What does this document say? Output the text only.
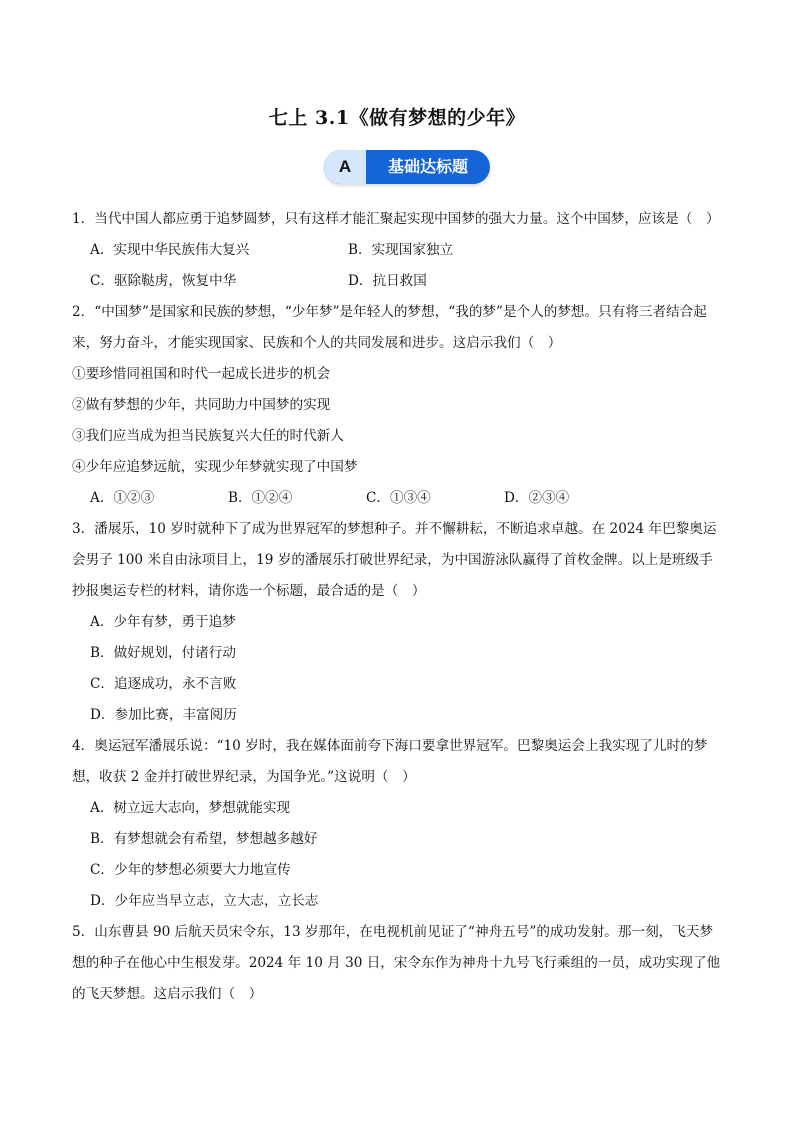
七上 3.1《做有梦想的少年》
A	基础达标题

1．当代中国人都应勇于追梦圆梦，只有这样才能汇聚起实现中国梦的强大力量。这个中国梦，应该是（　）

A．实现中华民族伟大复兴	B．实现国家独立
C．驱除鞑虏，恢复中华	D．抗日救国

2．“中国梦”是国家和民族的梦想，“少年梦”是年轻人的梦想，“我的梦”是个人的梦想。只有将三者结合起

来，努力奋斗，才能实现国家、民族和个人的共同发展和进步。这启示我们（　）

①要珍惜同祖国和时代一起成长进步的机会

②做有梦想的少年，共同助力中国梦的实现

③我们应当成为担当民族复兴大任的时代新人

④少年应追梦远航，实现少年梦就实现了中国梦

A．①②③	B．①②④	C．①③④	D．②③④

3．潘展乐，10 岁时就种下了成为世界冠军的梦想种子。并不懈耕耘，不断追求卓越。在 2024 年巴黎奥运

会男子 100 米自由泳项目上，19 岁的潘展乐打破世界纪录，为中国游泳队赢得了首枚金牌。以上是班级手

抄报奥运专栏的材料，请你选一个标题，最合适的是（　）

A．少年有梦，勇于追梦
B．做好规划，付诸行动
C．追逐成功，永不言败
D．参加比赛，丰富阅历

4．奥运冠军潘展乐说：“10 岁时，我在媒体面前夸下海口要拿世界冠军。巴黎奥运会上我实现了儿时的梦

想，收获 2 金并打破世界纪录，为国争光。”这说明（　）

A．树立远大志向，梦想就能实现
B．有梦想就会有希望，梦想越多越好
C．少年的梦想必须要大力地宣传
D．少年应当早立志，立大志，立长志

5．山东曹县 90 后航天员宋令东，13 岁那年，在电视机前见证了“神舟五号”的成功发射。那一刻，飞天梦

想的种子在他心中生根发芽。2024 年 10 月 30 日，宋令东作为神舟十九号飞行乘组的一员，成功实现了他

的飞天梦想。这启示我们（　）
